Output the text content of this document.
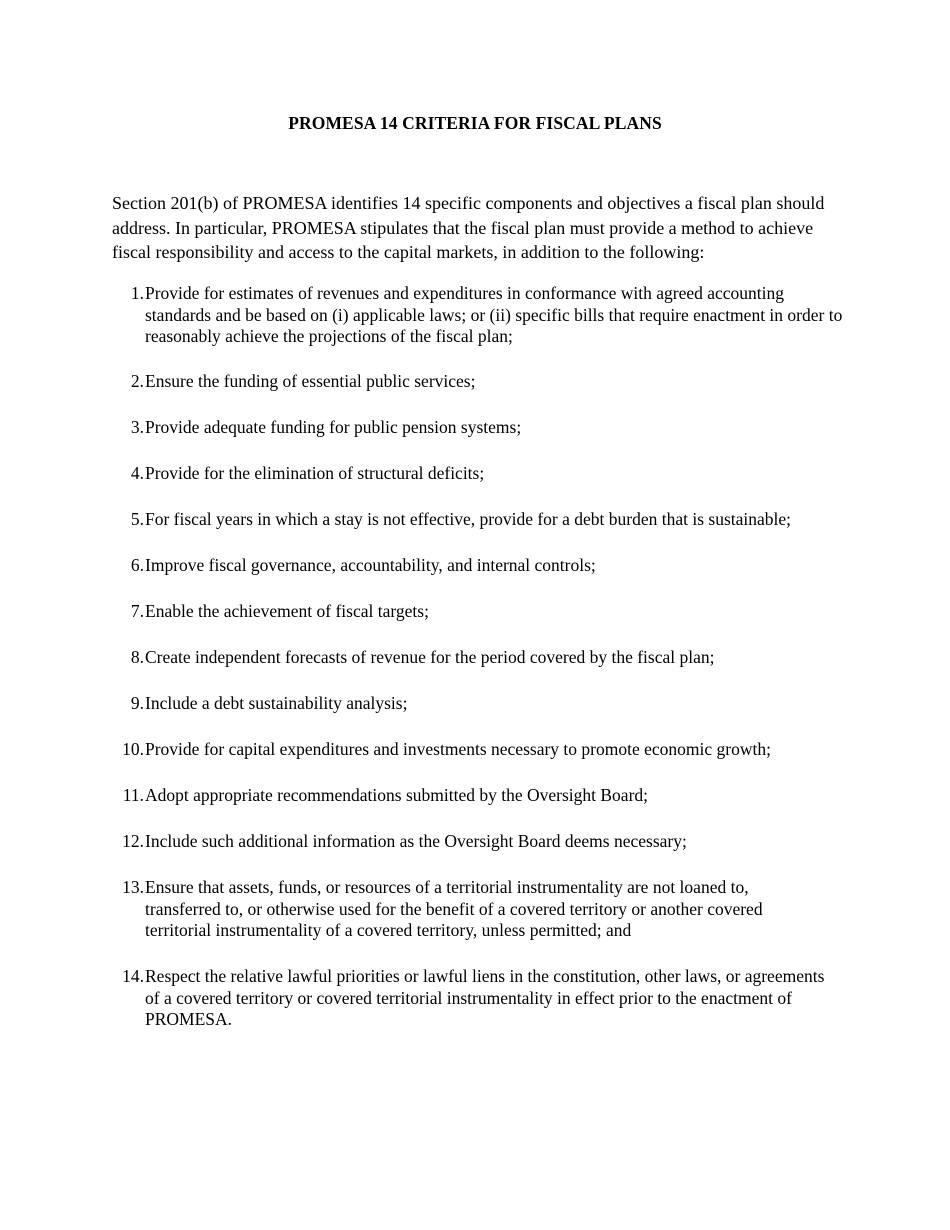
PROMESA 14 CRITERIA FOR FISCAL PLANS

Section 201(b) of PROMESA identifies 14 specific components and objectives a fiscal plan should address. In particular, PROMESA stipulates that the fiscal plan must provide a method to achieve fiscal responsibility and access to the capital markets, in addition to the following:

1. Provide for estimates of revenues and expenditures in conformance with agreed accounting standards and be based on (i) applicable laws; or (ii) specific bills that require enactment in order to reasonably achieve the projections of the fiscal plan;
2. Ensure the funding of essential public services;
3. Provide adequate funding for public pension systems;
4. Provide for the elimination of structural deficits;
5. For fiscal years in which a stay is not effective, provide for a debt burden that is sustainable;
6. Improve fiscal governance, accountability, and internal controls;
7. Enable the achievement of fiscal targets;
8. Create independent forecasts of revenue for the period covered by the fiscal plan;
9. Include a debt sustainability analysis;
10. Provide for capital expenditures and investments necessary to promote economic growth;
11. Adopt appropriate recommendations submitted by the Oversight Board;
12. Include such additional information as the Oversight Board deems necessary;
13. Ensure that assets, funds, or resources of a territorial instrumentality are not loaned to, transferred to, or otherwise used for the benefit of a covered territory or another covered territorial instrumentality of a covered territory, unless permitted; and
14. Respect the relative lawful priorities or lawful liens in the constitution, other laws, or agreements of a covered territory or covered territorial instrumentality in effect prior to the enactment of PROMESA.
